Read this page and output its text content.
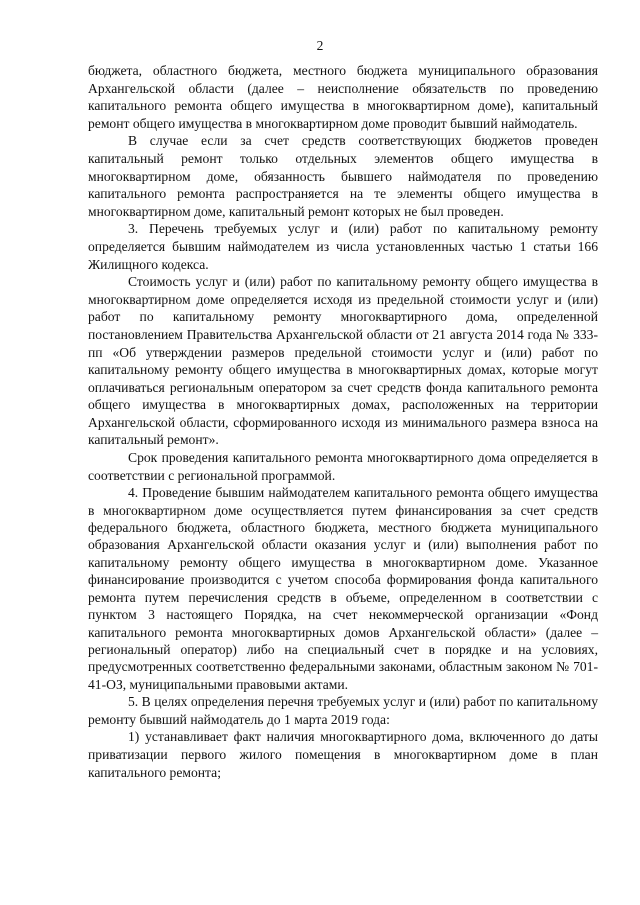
2

бюджета, областного бюджета, местного бюджета муниципального образования Архангельской области (далее – неисполнение обязательств по проведению капитального ремонта общего имущества в многоквартирном доме), капитальный ремонт общего имущества в многоквартирном доме проводит бывший наймодатель.

В случае если за счет средств соответствующих бюджетов проведен капитальный ремонт только отдельных элементов общего имущества в многоквартирном доме, обязанность бывшего наймодателя по проведению капитального ремонта распространяется на те элементы общего имущества в многоквартирном доме, капитальный ремонт которых не был проведен.

3. Перечень требуемых услуг и (или) работ по капитальному ремонту определяется бывшим наймодателем из числа установленных частью 1 статьи 166 Жилищного кодекса.

Стоимость услуг и (или) работ по капитальному ремонту общего имущества в многоквартирном доме определяется исходя из предельной стоимости услуг и (или) работ по капитальному ремонту многоквартирного дома, определенной постановлением Правительства Архангельской области от 21 августа 2014 года № 333-пп «Об утверждении размеров предельной стоимости услуг и (или) работ по капитальному ремонту общего имущества в многоквартирных домах, которые могут оплачиваться региональным оператором за счет средств фонда капитального ремонта общего имущества в многоквартирных домах, расположенных на территории Архангельской области, сформированного исходя из минимального размера взноса на капитальный ремонт».

Срок проведения капитального ремонта многоквартирного дома определяется в соответствии с региональной программой.

4. Проведение бывшим наймодателем капитального ремонта общего имущества в многоквартирном доме осуществляется путем финансирования за счет средств федерального бюджета, областного бюджета, местного бюджета муниципального образования Архангельской области оказания услуг и (или) выполнения работ по капитальному ремонту общего имущества в многоквартирном доме. Указанное финансирование производится с учетом способа формирования фонда капитального ремонта путем перечисления средств в объеме, определенном в соответствии с пунктом 3 настоящего Порядка, на счет некоммерческой организации «Фонд капитального ремонта многоквартирных домов Архангельской области» (далее – региональный оператор) либо на специальный счет в порядке и на условиях, предусмотренных соответственно федеральными законами, областным законом № 701-41-ОЗ, муниципальными правовыми актами.

5. В целях определения перечня требуемых услуг и (или) работ по капитальному ремонту бывший наймодатель до 1 марта 2019 года:

1) устанавливает факт наличия многоквартирного дома, включенного до даты приватизации первого жилого помещения в многоквартирном доме в план капитального ремонта;
